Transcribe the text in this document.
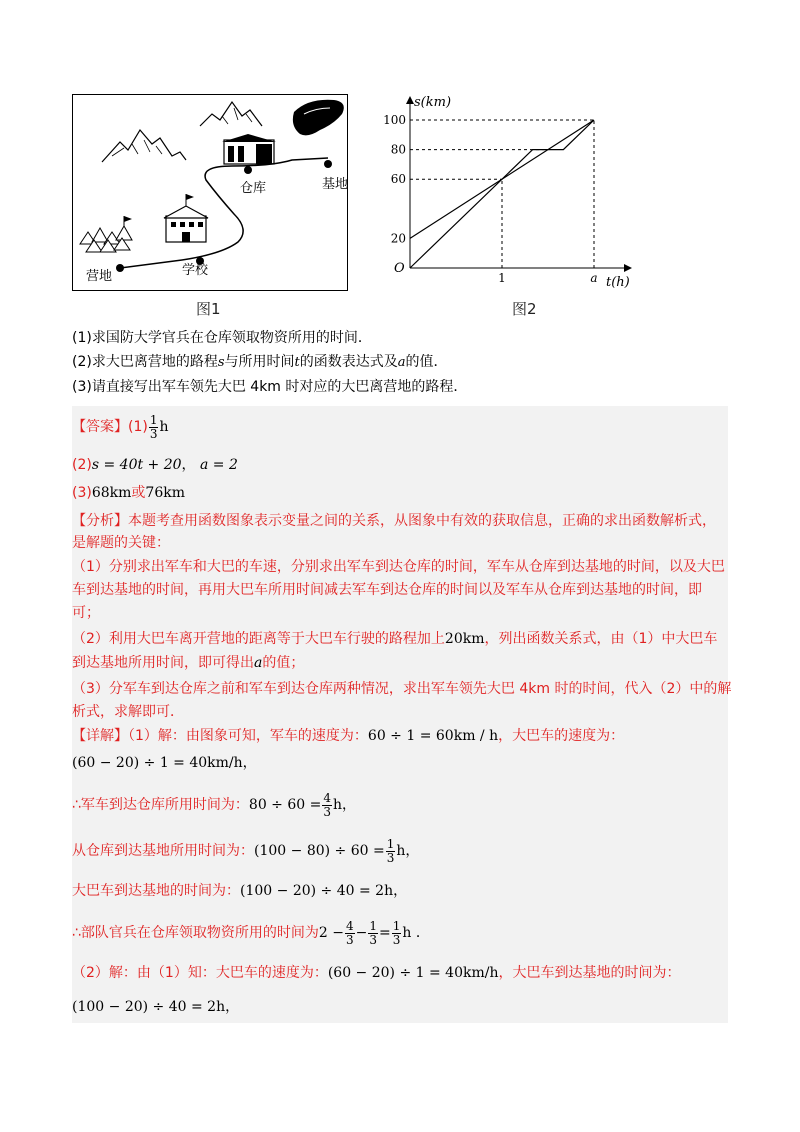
仓库	基地
学校
营地
图1
s(km)
t(h)
O
20
60
80
100
1	a
图2
(1)求国防大学官兵在仓库领取物资所用的时间．
(2)求大巴离营地的路程s与所用时间t的函数表达式及a的值．
(3)请直接写出军车领先大巴 4km 时对应的大巴离营地的路程．
【答案】$(1) \frac{1}{3}$ h
(2)s = 40t + 20， a = 2
(3)68km或76km
【分析】本题考查用函数图象表示变量之间的关系，从图象中有效的获取信息，正确的求出函数解析式，
是解题的关键：
（1）分别求出军车和大巴的车速，分别求出军车到达仓库的时间，军车从仓库到达基地的时间，以及大巴
车到达基地的时间，再用大巴车所用时间减去军车到达仓库的时间以及军车从仓库到达基地的时间，即
可；
（2）利用大巴车离开营地的距离等于大巴车行驶的路程加上20km，列出函数关系式，由（1）中大巴车
到达基地所用时间，即可得出a的值；
（3）分军车到达仓库之前和军车到达仓库两种情况，求出军车领先大巴 4km 时的时间，代入（2）中的解
析式，求解即可．
【详解】（1）解：由图象可知，军车的速度为：60 ÷ 1 = 60km / h，大巴车的速度为：
(60 − 20) ÷ 1 = 40km/h，
∴军车到达仓库所用时间为：$80 \div 60 = \frac{4}{3}$ h，
从仓库到达基地所用时间为：$(100 - 80) \div 60 = \frac{1}{3}$ h，
大巴车到达基地的时间为：(100 − 20) ÷ 40 = 2h，
∴部队官兵在仓库领取物资所用的时间为$2 - \frac{4}{3} - \frac{1}{3} = \frac{1}{3}$ h ．
（2）解：由（1）知：大巴车的速度为：(60 − 20) ÷ 1 = 40km/h，大巴车到达基地的时间为：
(100 − 20) ÷ 40 = 2h，
